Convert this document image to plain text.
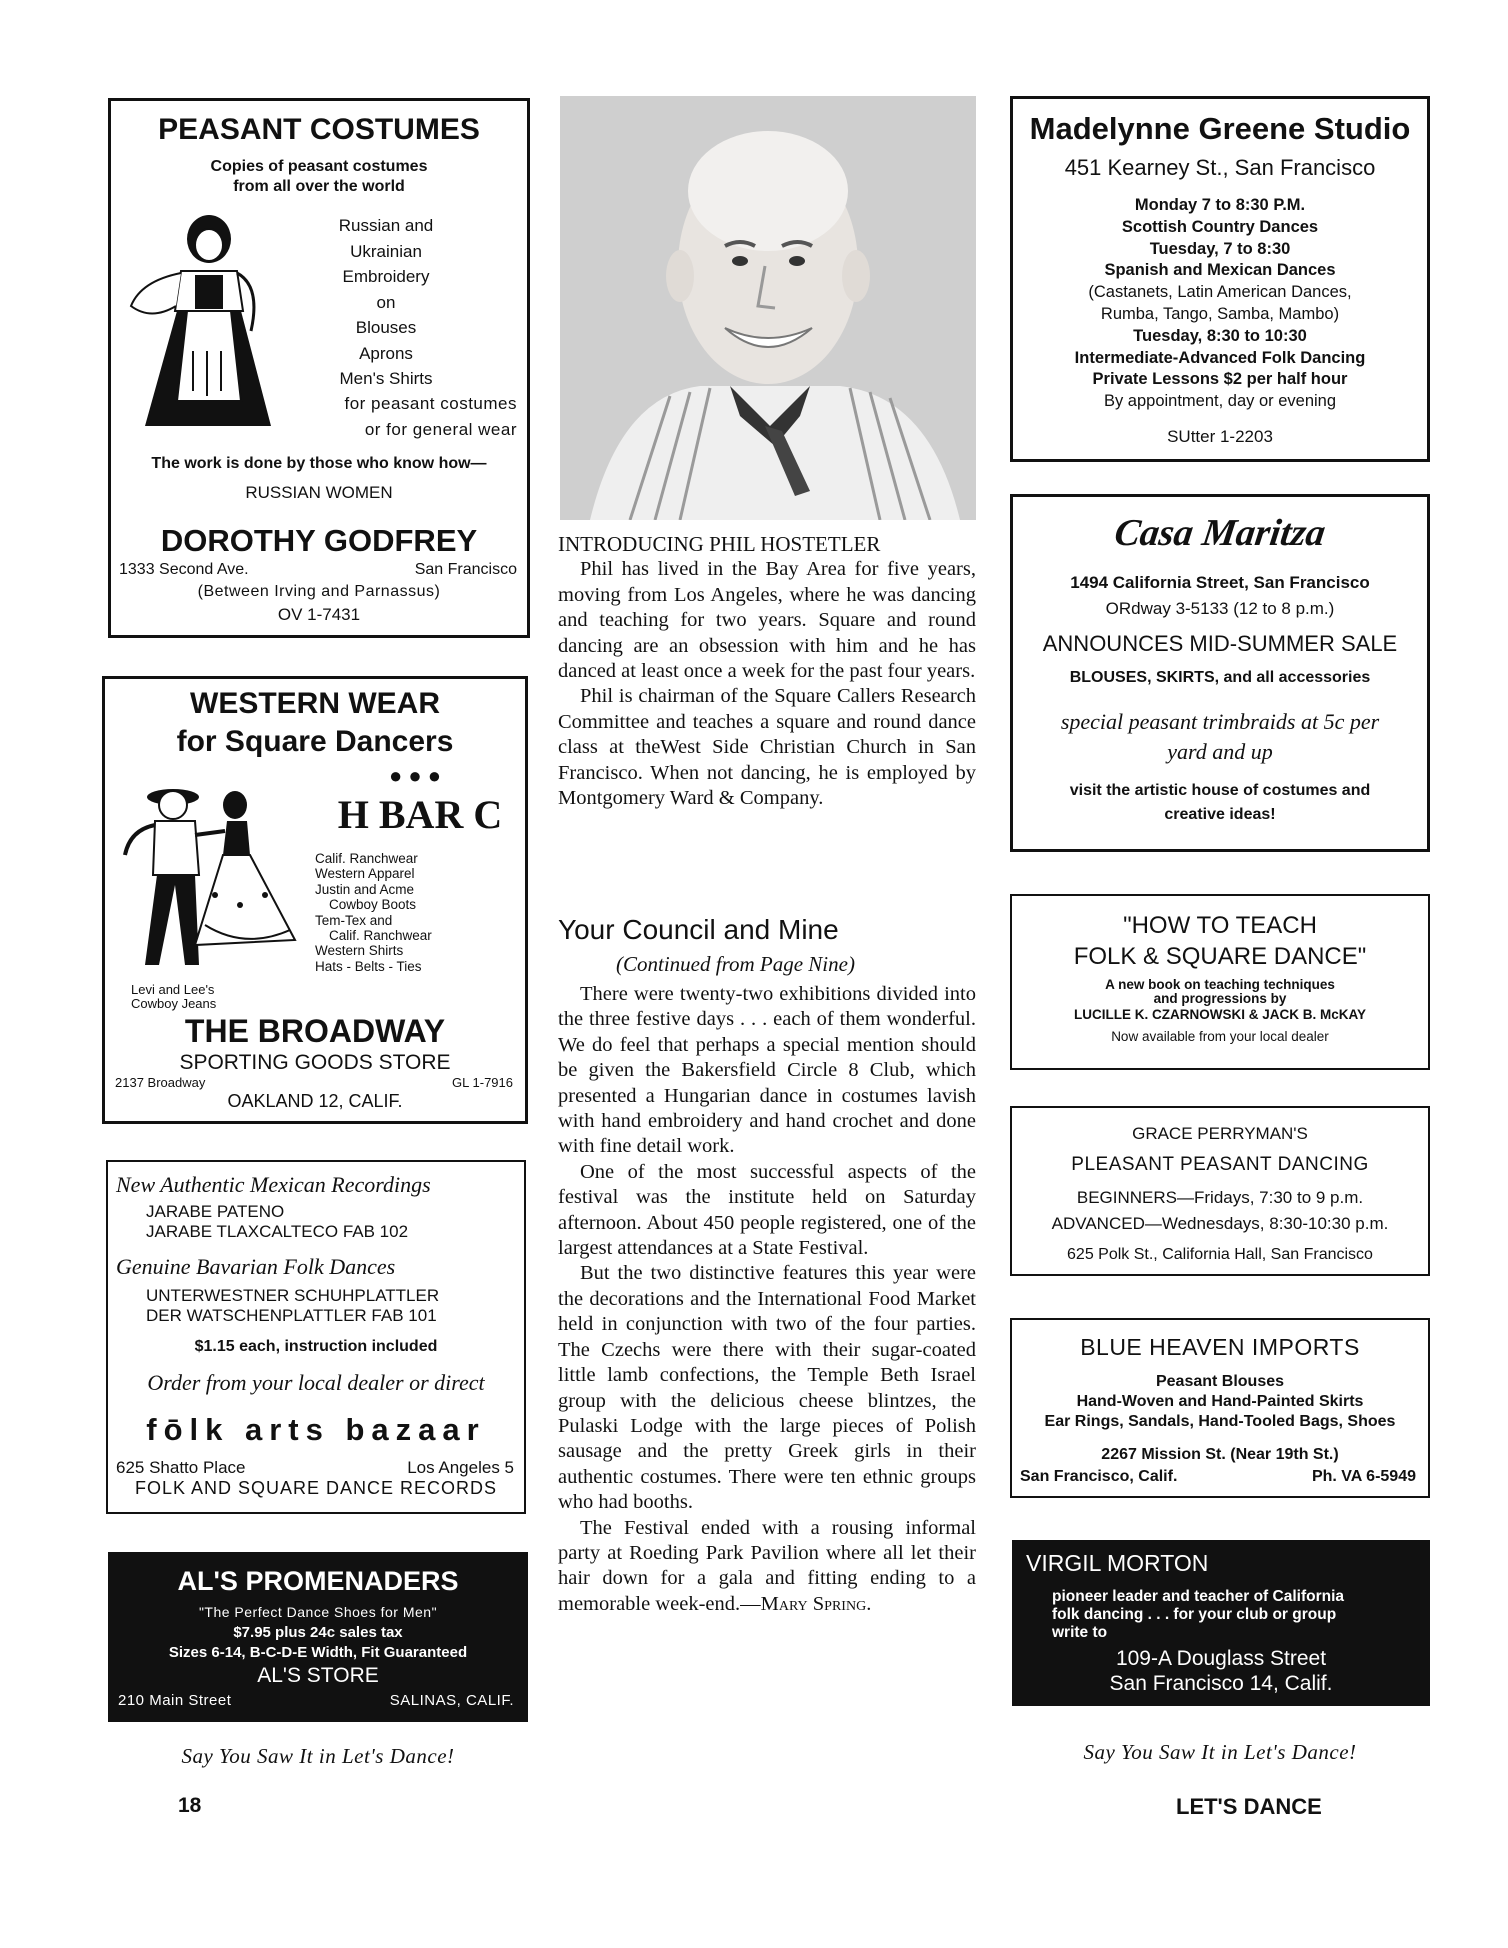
PEASANT COSTUMES
Copies of peasant costumes
from all over the world
Russian and
Ukrainian
Embroidery
on
Blouses
Aprons
Men's Shirts
for peasant costumes
or for general wear
The work is done by those who know how—
RUSSIAN WOMEN
DOROTHY GODFREY
1333 Second Ave.	San Francisco
(Between Irving and Parnassus)
OV 1-7431
WESTERN WEAR
for Square Dancers
● ● ●
H BAR C
Calif. Ranchwear
Western Apparel
Justin and Acme
Cowboy Boots
Tem-Tex and
Calif. Ranchwear
Western Shirts
Hats - Belts - Ties
Levi and Lee's
Cowboy Jeans
THE BROADWAY
SPORTING GOODS STORE
2137 Broadway	GL 1-7916
OAKLAND 12, CALIF.
New Authentic Mexican Recordings
JARABE PATENO
JARABE TLAXCALTECO FAB 102
Genuine Bavarian Folk Dances
UNTERWESTNER SCHUHPLATTLER
DER WATSCHENPLATTLER FAB 101
$1.15 each, instruction included
Order from your local dealer or direct
fōlk arts bazaar
625 Shatto Place	Los Angeles 5
FOLK AND SQUARE DANCE RECORDS
AL'S PROMENADERS
"The Perfect Dance Shoes for Men"
$7.95 plus 24c sales tax
Sizes 6-14, B-C-D-E Width, Fit Guaranteed
AL'S STORE
210 Main Street	SALINAS, CALIF.
Say You Saw It in Let's Dance!
18

INTRODUCING PHIL HOSTETLER

Phil has lived in the Bay Area for five years, moving from Los Angeles, where he was dancing and teaching for two years. Square and round dancing are an obsession with him and he has danced at least once a week for the past four years.

Phil is chairman of the Square Callers Research Committee and teaches a square and round dance class at theWest Side Christian Church in San Francisco. When not dancing, he is employed by Montgomery Ward & Company.

Your Council and Mine
(Continued from Page Nine)

There were twenty-two exhibitions divided into the three festive days . . . each of them wonderful. We do feel that perhaps a special mention should be given the Bakersfield Circle 8 Club, which presented a Hungarian dance in costumes lavish with hand embroidery and hand crochet and done with fine detail work.

One of the most successful aspects of the festival was the institute held on Saturday afternoon. About 450 people registered, one of the largest attendances at a State Festival.

But the two distinctive features this year were the decorations and the International Food Market held in conjunction with two of the four parties. The Czechs were there with their sugar-coated little lamb confections, the Temple Beth Israel group with the delicious cheese blintzes, the Pulaski Lodge with the large pieces of Polish sausage and the pretty Greek girls in their authentic costumes. There were ten ethnic groups who had booths.

The Festival ended with a rousing informal party at Roeding Park Pavilion where all let their hair down for a gala and fitting ending to a memorable week-end.—Mary Spring.

Madelynne Greene Studio
451 Kearney St., San Francisco
Monday 7 to 8:30 P.M.
Scottish Country Dances
Tuesday, 7 to 8:30
Spanish and Mexican Dances
(Castanets, Latin American Dances,
Rumba, Tango, Samba, Mambo)
Tuesday, 8:30 to 10:30
Intermediate-Advanced Folk Dancing
Private Lessons $2 per half hour
By appointment, day or evening
SUtter 1-2203
Casa Maritza
1494 California Street, San Francisco
ORdway 3-5133 (12 to 8 p.m.)
ANNOUNCES MID-SUMMER SALE
BLOUSES, SKIRTS, and all accessories
special peasant trimbraids at 5c per
yard and up
visit the artistic house of costumes and
creative ideas!
"HOW TO TEACH
FOLK & SQUARE DANCE"
A new book on teaching techniques
and progressions by
LUCILLE K. CZARNOWSKI & JACK B. McKAY
Now available from your local dealer
GRACE PERRYMAN'S
PLEASANT PEASANT DANCING
BEGINNERS—Fridays, 7:30 to 9 p.m.
ADVANCED—Wednesdays, 8:30-10:30 p.m.
625 Polk St., California Hall, San Francisco
BLUE HEAVEN IMPORTS
Peasant Blouses
Hand-Woven and Hand-Painted Skirts
Ear Rings, Sandals, Hand-Tooled Bags, Shoes
2267 Mission St. (Near 19th St.)
San Francisco, Calif.	Ph. VA 6-5949
VIRGIL MORTON
pioneer leader and teacher of California
folk dancing . . . for your club or group
write to
109-A Douglass Street
San Francisco 14, Calif.
Say You Saw It in Let's Dance!
LET'S DANCE
